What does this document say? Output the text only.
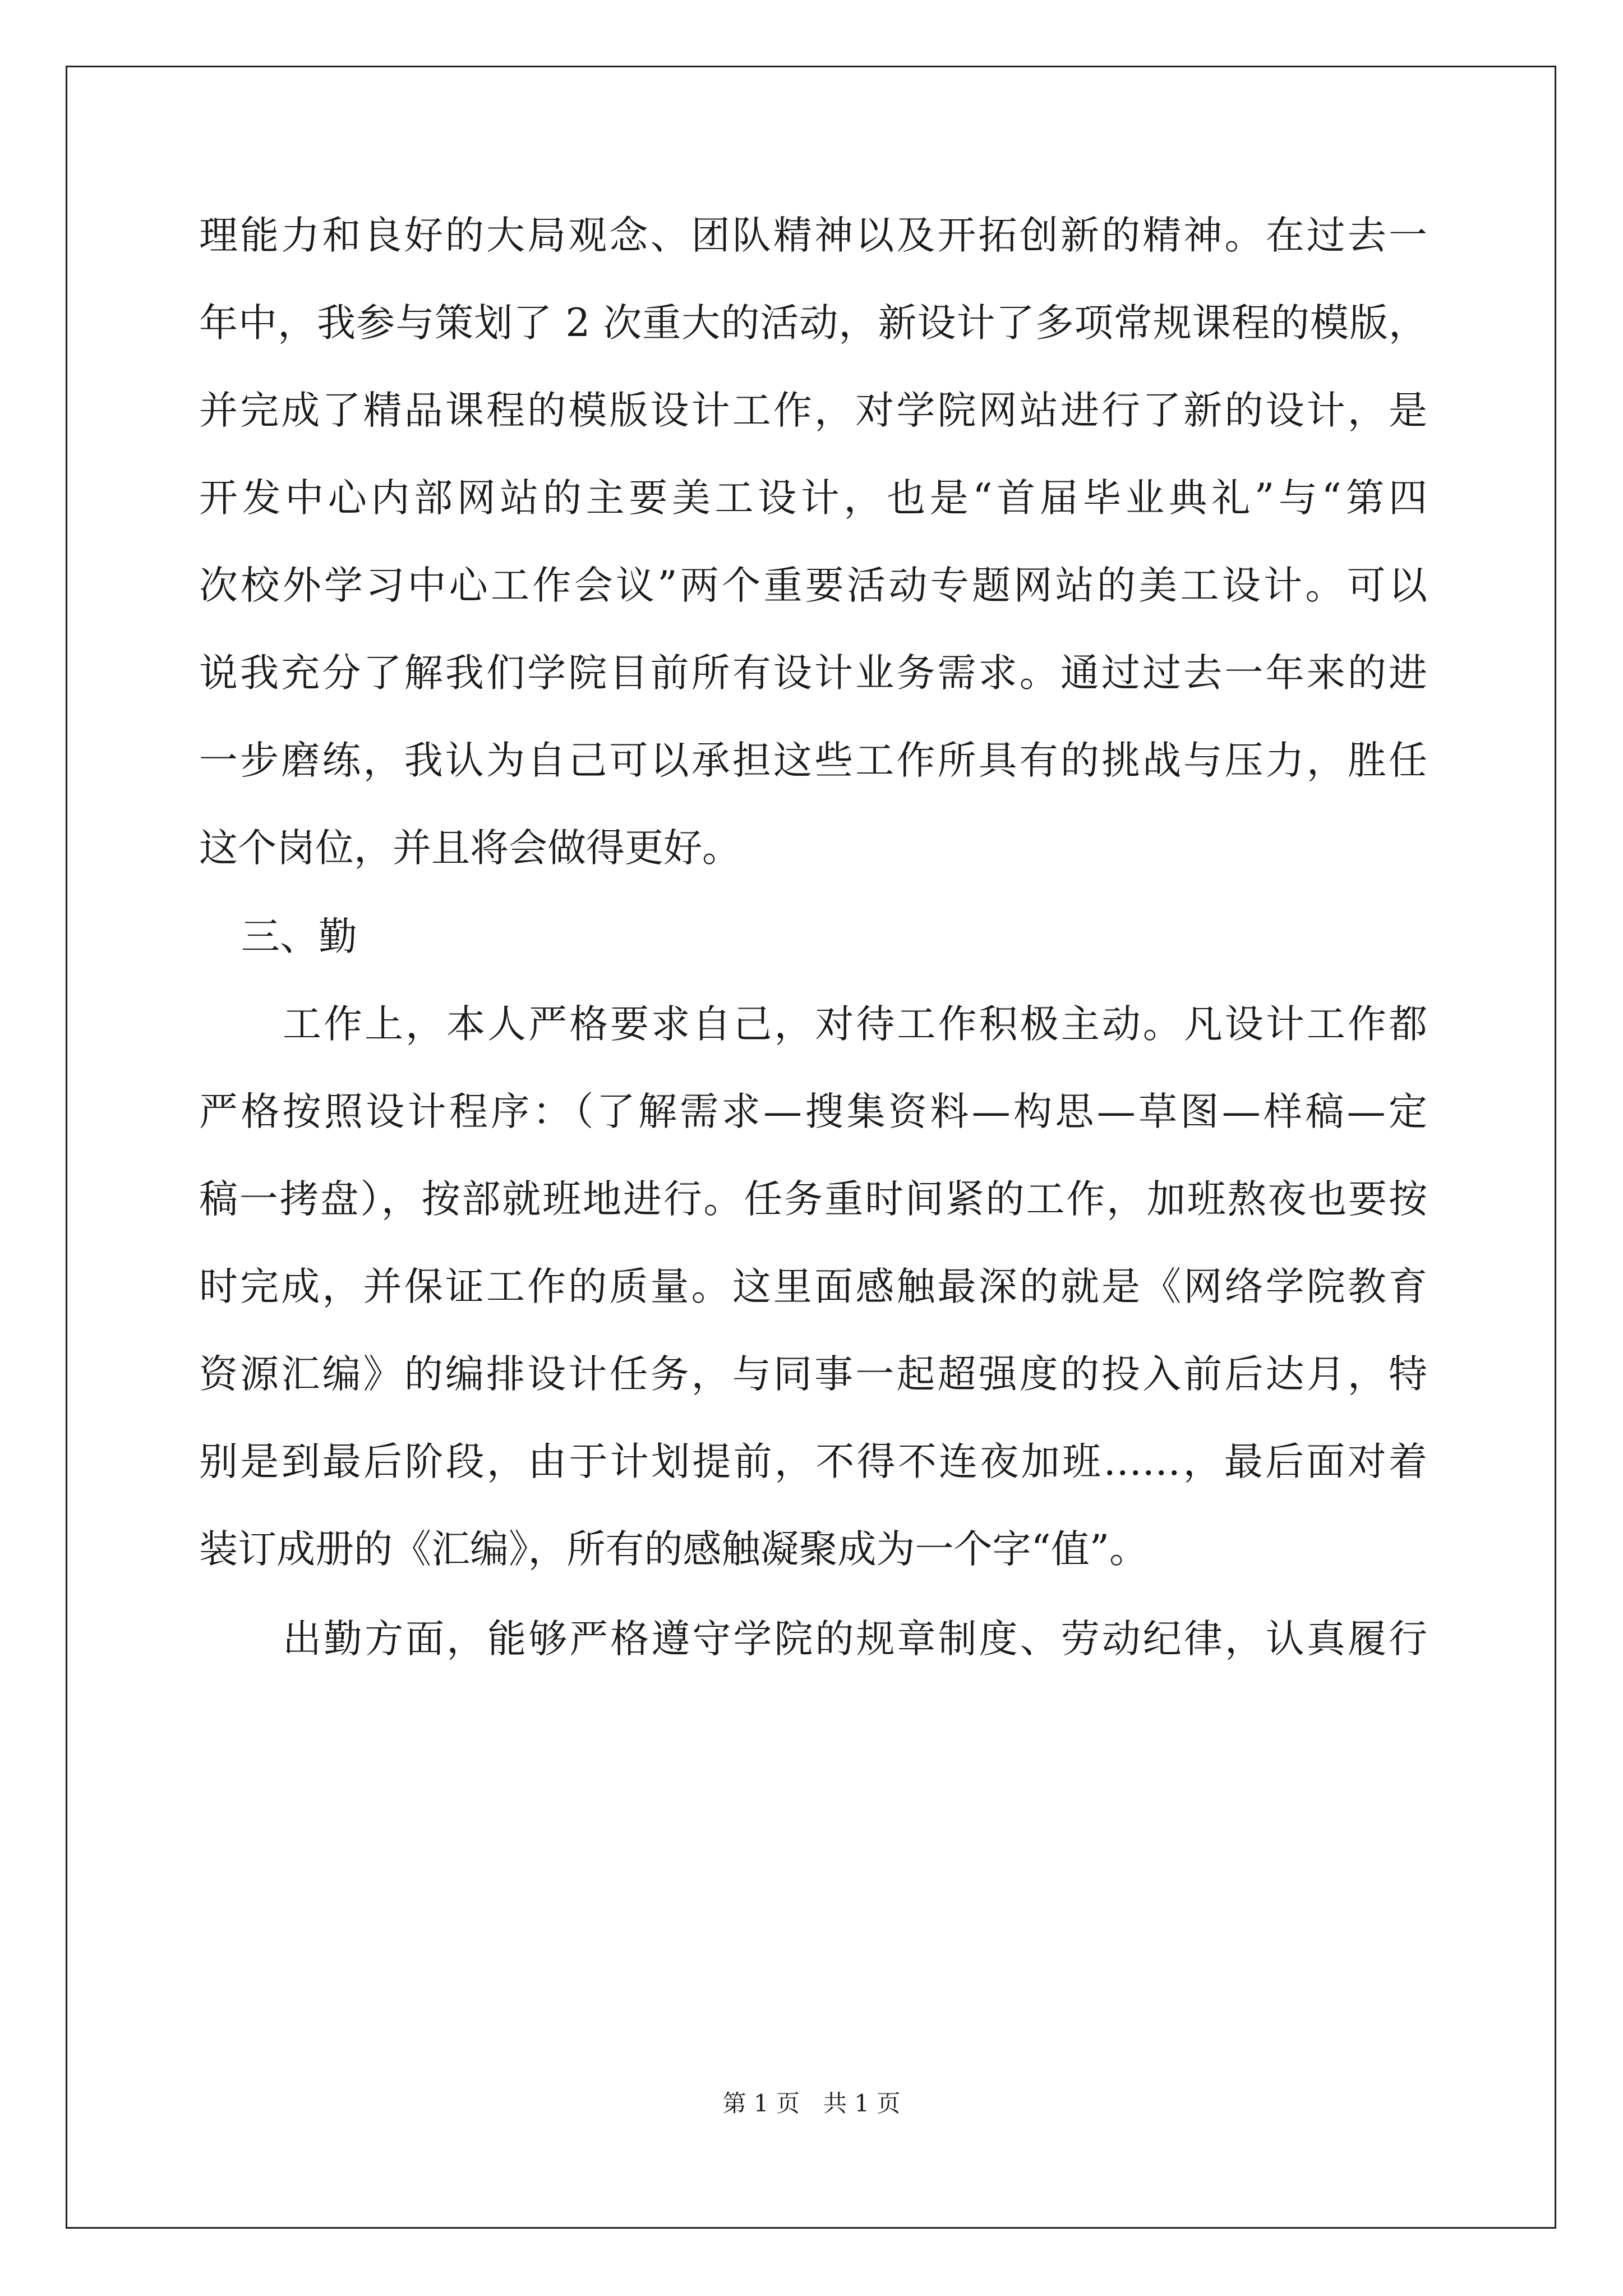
理能力和良好的大局观念、团队精神以及开拓创新的精神。在过去一
年中，我参与策划了 2 次重大的活动，新设计了多项常规课程的模版，
并完成了精品课程的模版设计工作，对学院网站进行了新的设计，是
开发中心内部网站的主要美工设计，也是“首届毕业典礼”与“第四
次校外学习中心工作会议”两个重要活动专题网站的美工设计。可以
说我充分了解我们学院目前所有设计业务需求。通过过去一年来的进
一步磨练，我认为自己可以承担这些工作所具有的挑战与压力，胜任
这个岗位，并且将会做得更好。
三、勤
工作上，本人严格要求自己，对待工作积极主动。凡设计工作都
严格按照设计程序：（了解需求—搜集资料—构思—草图—样稿—定
稿一拷盘），按部就班地进行。任务重时间紧的工作，加班熬夜也要按
时完成，并保证工作的质量。这里面感触最深的就是《网络学院教育
资源汇编》的编排设计任务，与同事一起超强度的投入前后达月，特
别是到最后阶段，由于计划提前，不得不连夜加班……，最后面对着
装订成册的《汇编》，所有的感触凝聚成为一个字“值”。
出勤方面，能够严格遵守学院的规章制度、劳动纪律，认真履行
第 1 页　共 1 页
